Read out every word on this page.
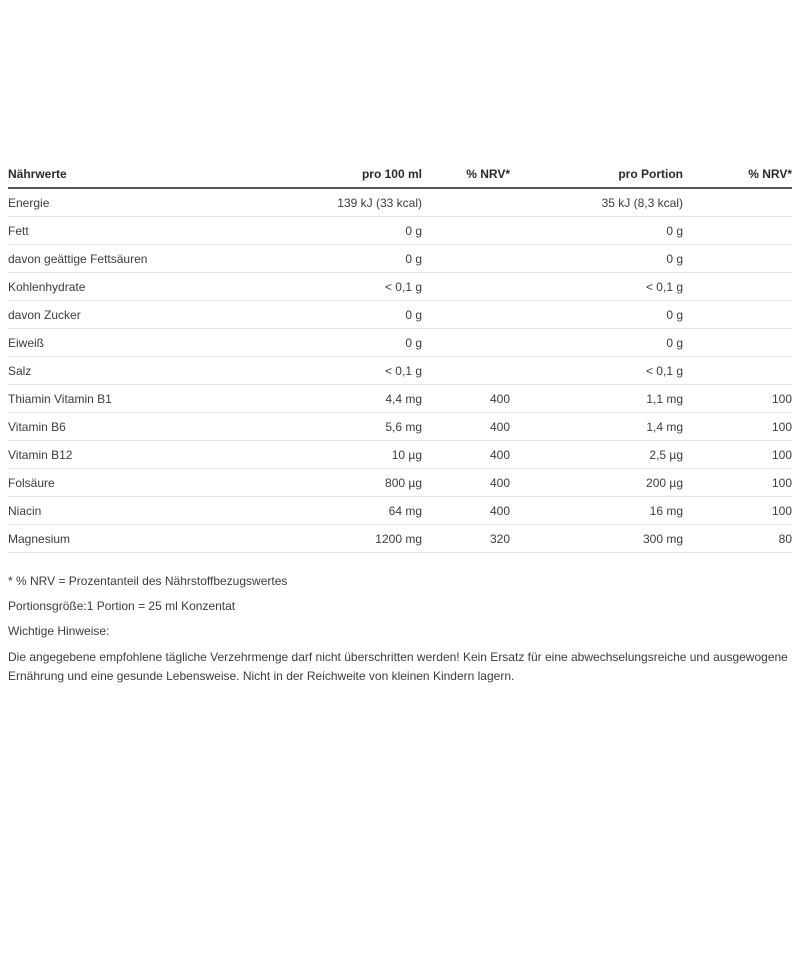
Nährwerte	pro 100 ml	% NRV*	pro Portion	% NRV*
Energie	139 kJ (33 kcal)		35 kJ (8,3 kcal)	
Fett	0 g		0 g	
davon geättige Fettsäuren	0 g		0 g	
Kohlenhydrate	< 0,1 g		< 0,1 g	
davon Zucker	0 g		0 g	
Eiweiß	0 g		0 g	
Salz	< 0,1 g		< 0,1 g	
Thiamin Vitamin B1	4,4 mg	400	1,1 mg	100
Vitamin B6	5,6 mg	400	1,4 mg	100
Vitamin B12	10 µg	400	2,5 µg	100
Folsäure	800 µg	400	200 µg	100
Niacin	64 mg	400	16 mg	100
Magnesium	1200 mg	320	300 mg	80

* % NRV = Prozentanteil des Nährstoffbezugswertes

Portionsgröße:1 Portion = 25 ml Konzentat

Wichtige Hinweise:

Die angegebene empfohlene tägliche Verzehrmenge darf nicht überschritten werden! Kein Ersatz für eine abwechselungsreiche und ausgewogene Ernährung und eine gesunde Lebensweise. Nicht in der Reichweite von kleinen Kindern lagern.
